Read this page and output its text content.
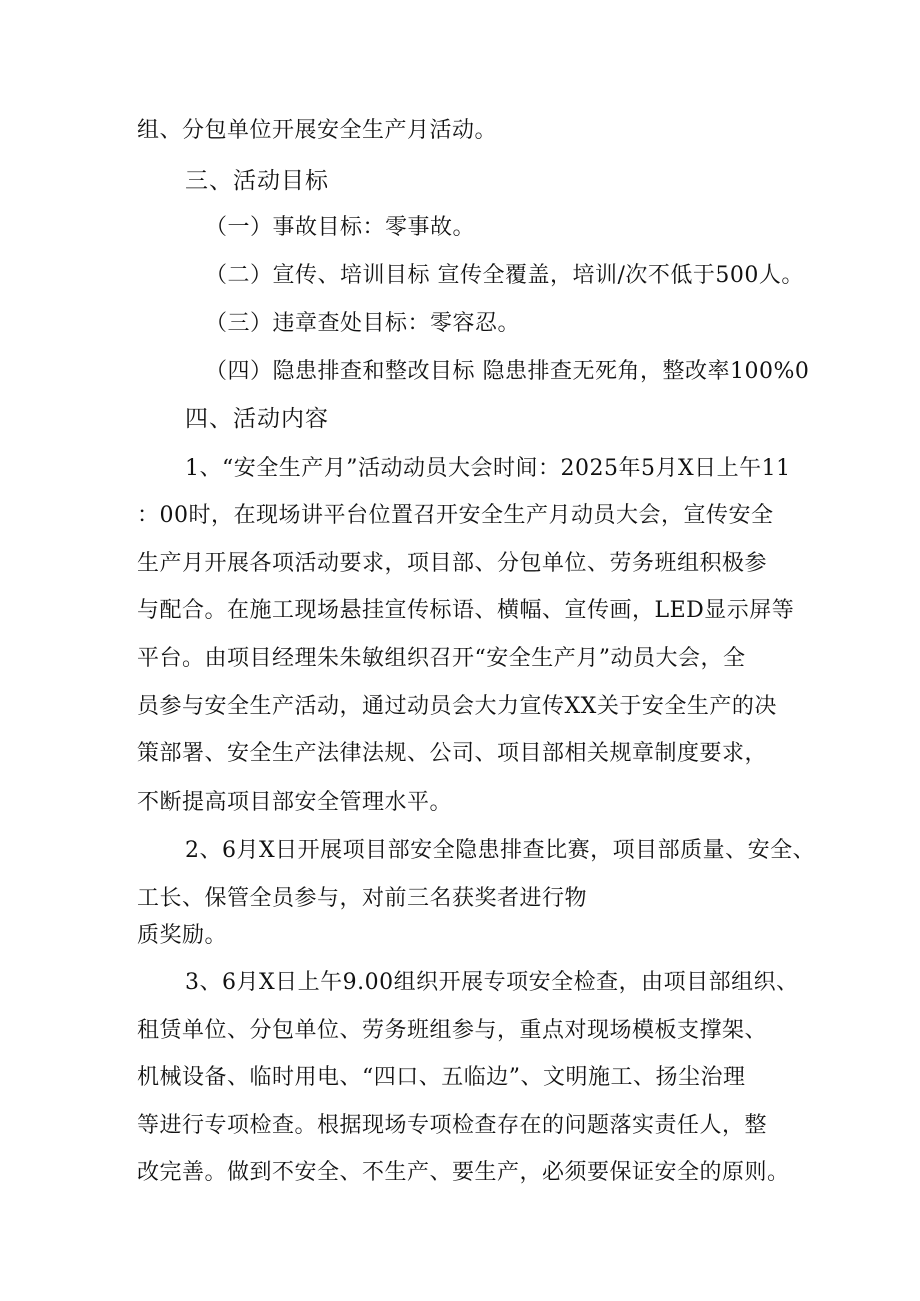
组、分包单位开展安全生产月活动。
三、活动目标
（一）事故目标：零事故。
（二）宣传、培训目标 宣传全覆盖，培训/次不低于500人。
（三）违章查处目标：零容忍。
（四）隐患排查和整改目标 隐患排查无死角，整改率100%0
四、活动内容
1、“安全生产月”活动动员大会时间：2025年5月X日上午11
：00时，在现场讲平台位置召开安全生产月动员大会，宣传安全
生产月开展各项活动要求，项目部、分包单位、劳务班组积极参
与配合。在施工现场悬挂宣传标语、横幅、宣传画，LED显示屏等
平台。由项目经理朱朱敏组织召开“安全生产月”动员大会，全
员参与安全生产活动，通过动员会大力宣传XX关于安全生产的决
策部署、安全生产法律法规、公司、项目部相关规章制度要求，
不断提高项目部安全管理水平。
2、6月X日开展项目部安全隐患排查比赛，项目部质量、安全、
工长、保管全员参与，对前三名获奖者进行物
质奖励。
3、6月X日上午9.00组织开展专项安全检查，由项目部组织、
租赁单位、分包单位、劳务班组参与，重点对现场模板支撑架、
机械设备、临时用电、“四口、五临边”、文明施工、扬尘治理
等进行专项检查。根据现场专项检查存在的问题落实责任人，整
改完善。做到不安全、不生产、要生产，必须要保证安全的原则。
